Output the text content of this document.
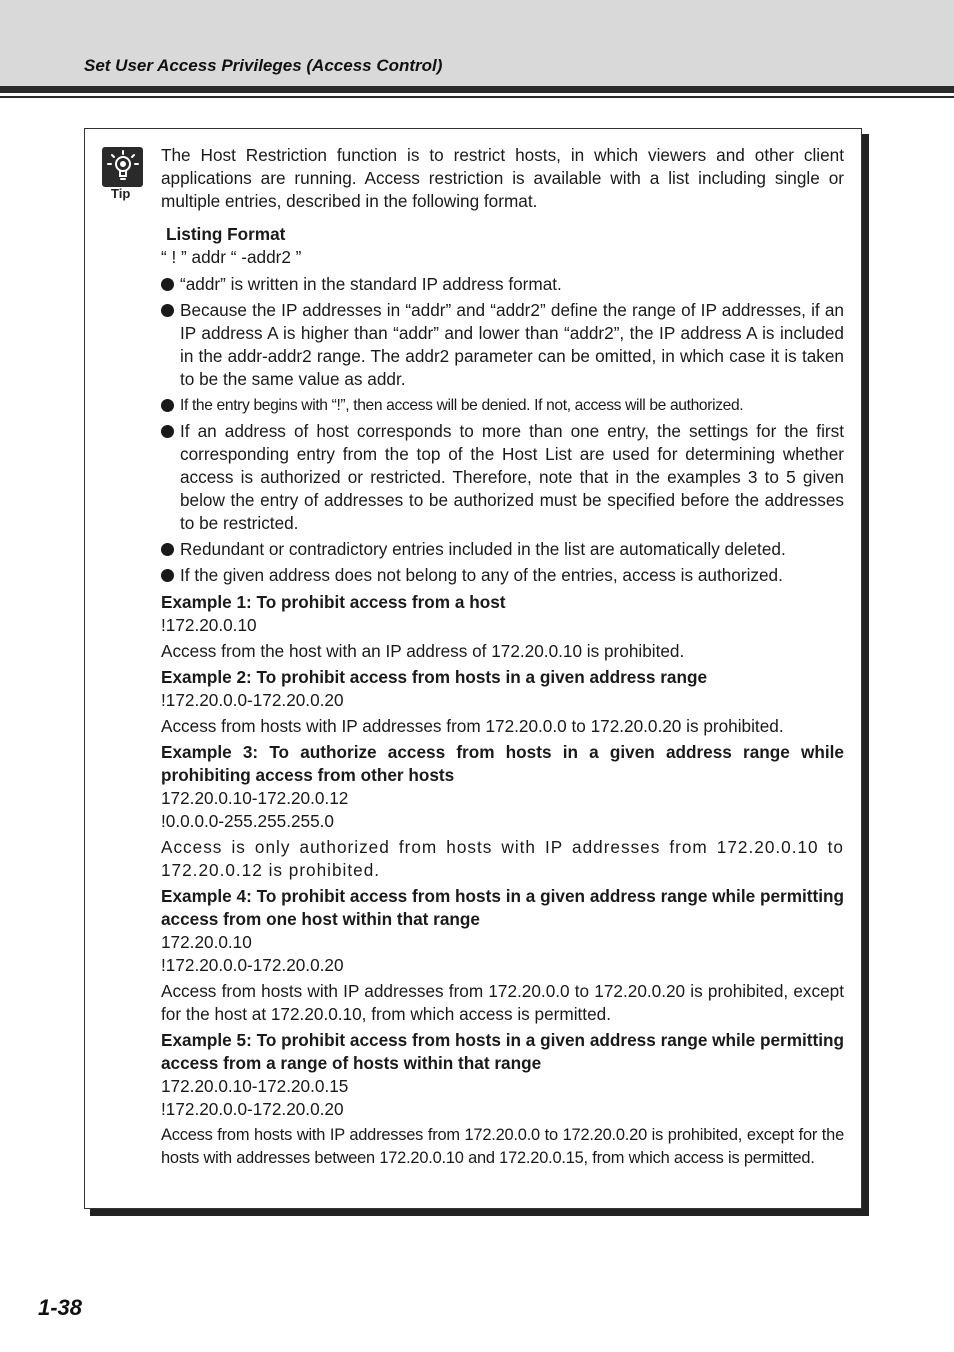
Set User Access Privileges (Access Control)
Tip

The Host Restriction function is to restrict hosts, in which viewers and other client applications are running. Access restriction is available with a list including single or multiple entries, described in the following format.

Listing Format

“ ! ” addr “ -addr2 ”

“addr” is written in the standard IP address format.
Because the IP addresses in “addr” and “addr2” define the range of IP addresses, if an IP address A is higher than “addr” and lower than “addr2”, the IP address A is included in the addr-addr2 range. The addr2 parameter can be omitted, in which case it is taken to be the same value as addr.
If the entry begins with “!”, then access will be denied. If not, access will be authorized.
If an address of host corresponds to more than one entry, the settings for the first corresponding entry from the top of the Host List are used for determining whether access is authorized or restricted. Therefore, note that in the examples 3 to 5 given below the entry of addresses to be authorized must be specified before the addresses to be restricted.
Redundant or contradictory entries included in the list are automatically deleted.
If the given address does not belong to any of the entries, access is authorized.

Example 1: To prohibit access from a host

!172.20.0.10

Access from the host with an IP address of 172.20.0.10 is prohibited.

Example 2: To prohibit access from hosts in a given address range

!172.20.0.0-172.20.0.20

Access from hosts with IP addresses from 172.20.0.0 to 172.20.0.20 is prohibited.

Example 3: To authorize access from hosts in a given address range while prohibiting access from other hosts

172.20.0.10-172.20.0.12

!0.0.0.0-255.255.255.0

Access is only authorized from hosts with IP addresses from 172.20.0.10 to 172.20.0.12 is prohibited.

Example 4: To prohibit access from hosts in a given address range while permitting access from one host within that range

172.20.0.10

!172.20.0.0-172.20.0.20

Access from hosts with IP addresses from 172.20.0.0 to 172.20.0.20 is prohibited, except for the host at 172.20.0.10, from which access is permitted.

Example 5: To prohibit access from hosts in a given address range while permitting access from a range of hosts within that range

172.20.0.10-172.20.0.15

!172.20.0.0-172.20.0.20

Access from hosts with IP addresses from 172.20.0.0 to 172.20.0.20 is prohibited, except for the hosts with addresses between 172.20.0.10 and 172.20.0.15, from which access is permitted.

1-38
